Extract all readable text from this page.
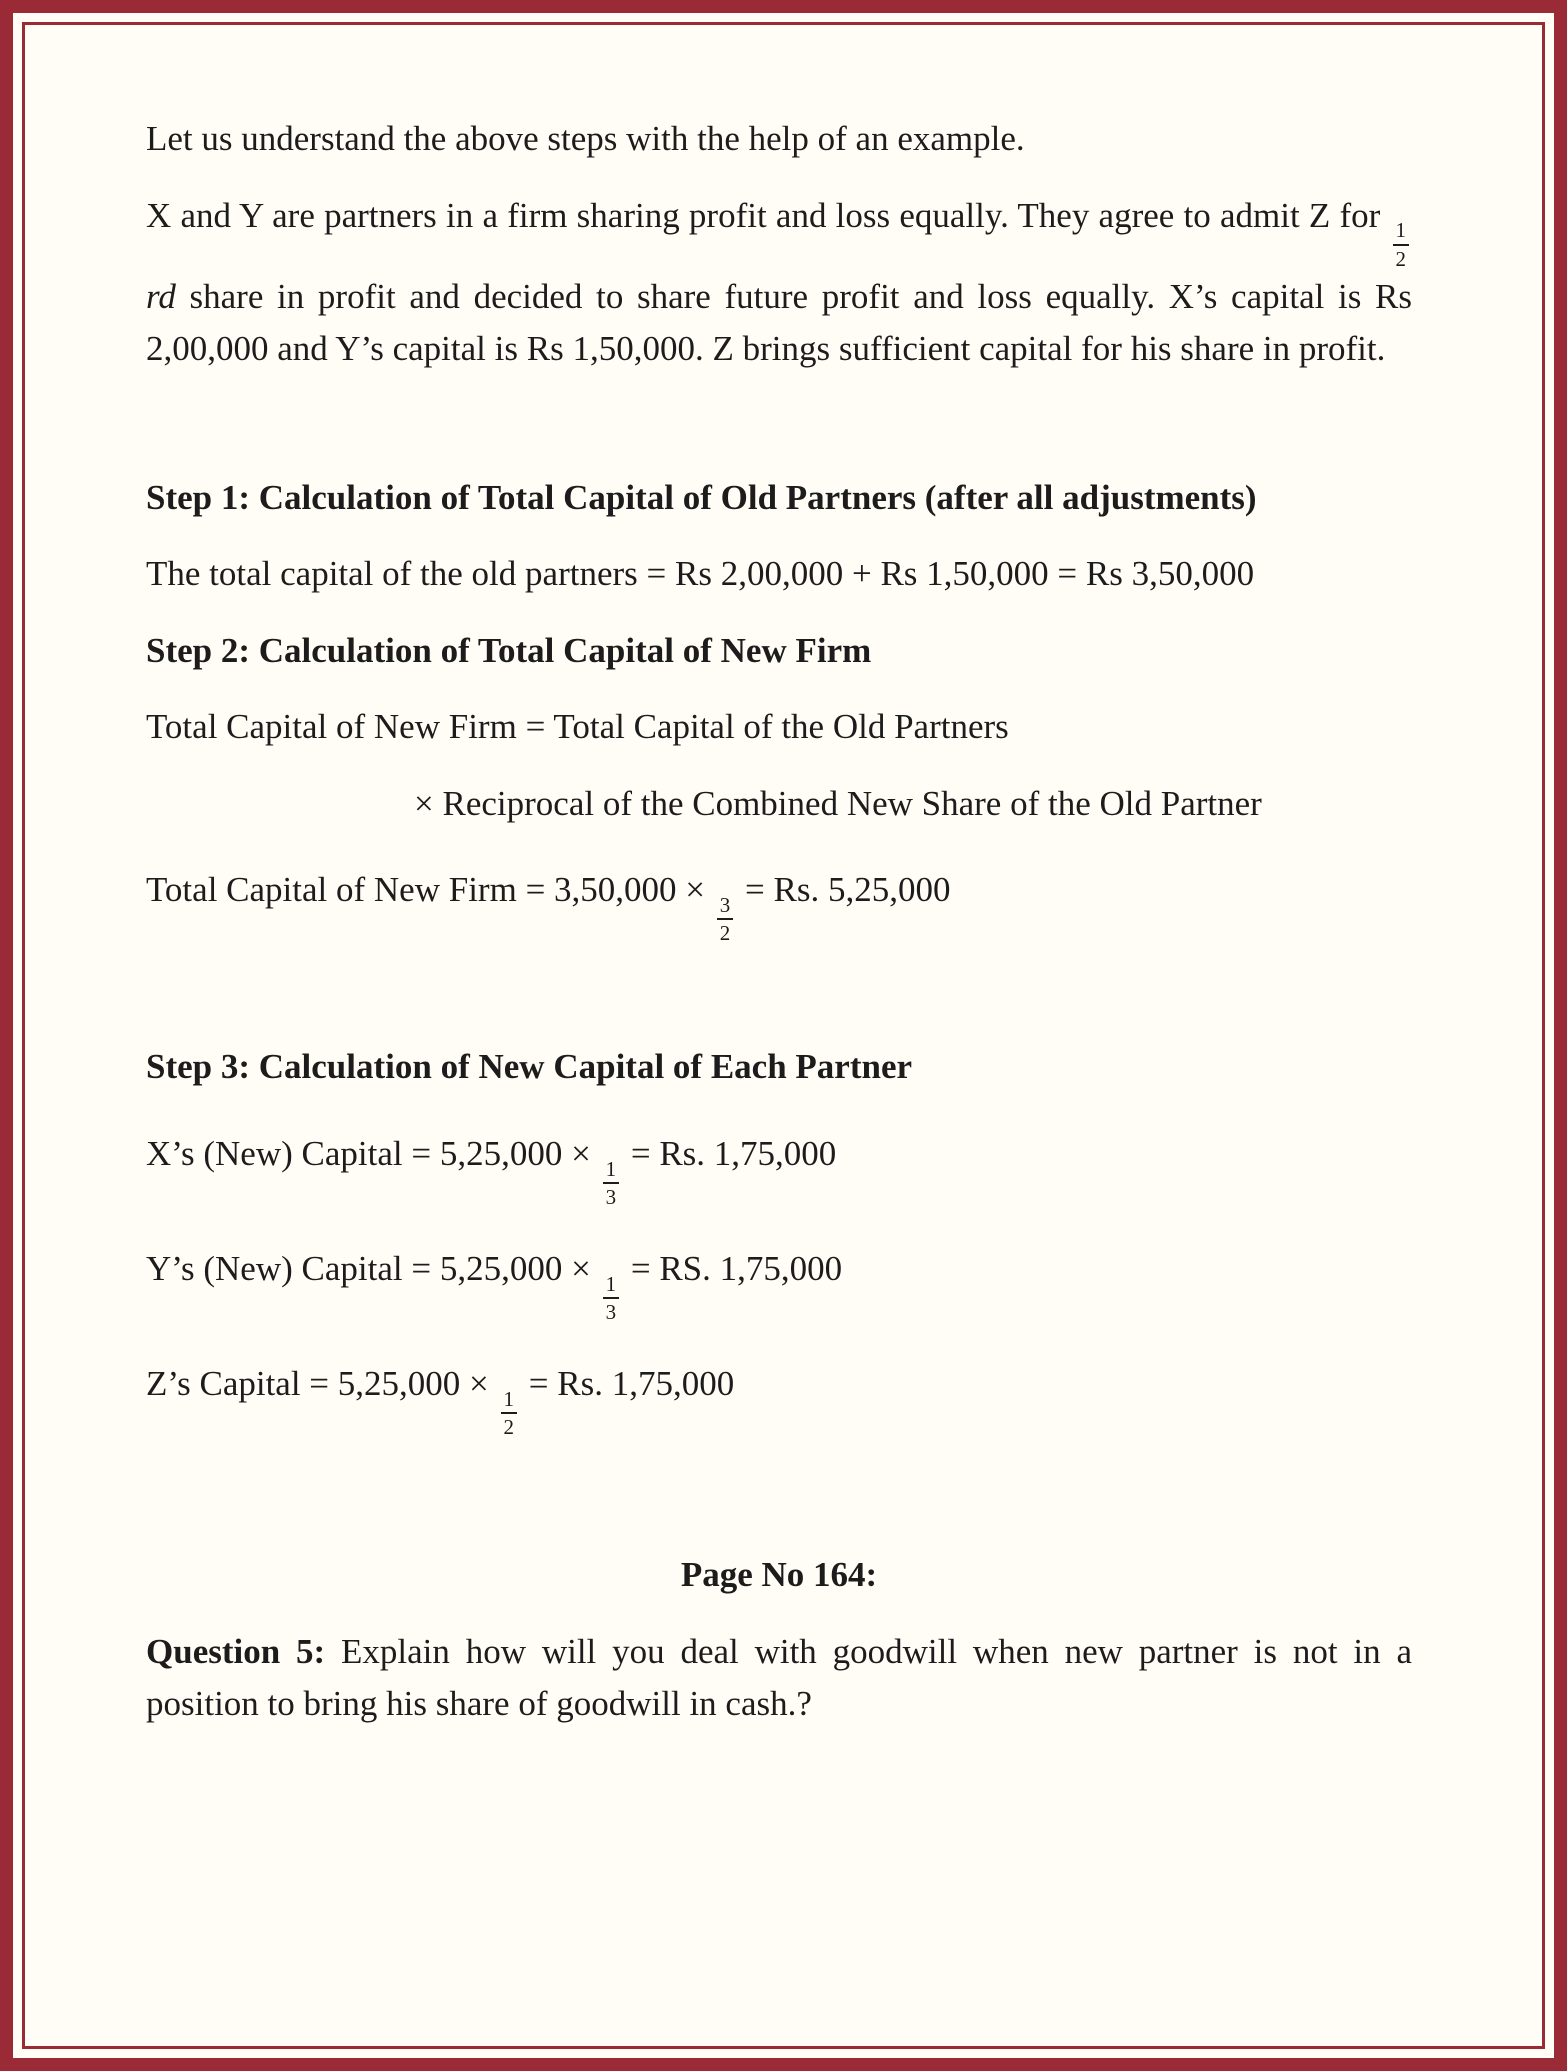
Let us understand the above steps with the help of an example.

X and Y are partners in a firm sharing profit and loss equally. They agree to admit Z for
$\frac{1}{2}$
rd share in profit and decided to share future profit and loss equally. X’s capital is Rs 2,00,000 and Y’s capital is Rs 1,50,000. Z brings sufficient capital for his share in profit.

Step 1: Calculation of Total Capital of Old Partners (after all adjustments)

The total capital of the old partners = Rs 2,00,000 + Rs 1,50,000 = Rs 3,50,000

Step 2: Calculation of Total Capital of New Firm

Total Capital of New Firm = Total Capital of the Old Partners

× Reciprocal of the Combined New Share of the Old Partner

Total Capital of New Firm = 3,50,000 ×
$\frac{3}{2}$
= Rs. 5,25,000

Step 3: Calculation of New Capital of Each Partner

X’s (New) Capital = 5,25,000 ×
$\frac{1}{3}$
= Rs. 1,75,000

Y’s (New) Capital = 5,25,000 ×
$\frac{1}{3}$
= RS. 1,75,000

Z’s Capital = 5,25,000 ×
$\frac{1}{2}$
= Rs. 1,75,000

Page No 164:

Question 5: Explain how will you deal with goodwill when new partner is not in a position to bring his share of goodwill in cash.?
